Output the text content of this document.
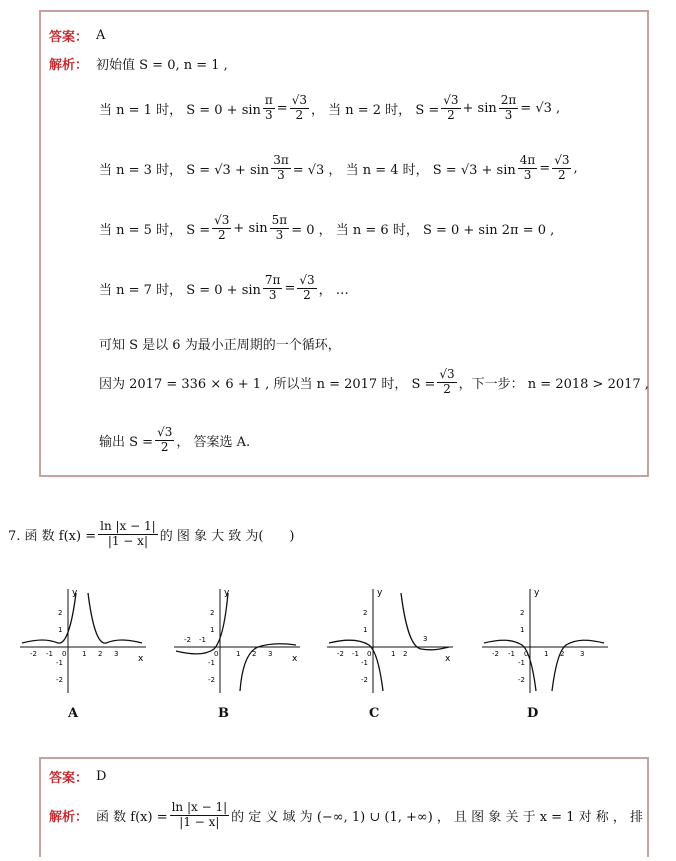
答案： A
解析： 初始值 S = 0, n = 1 ,
当 n = 1 时， $S = 0 + \sin \frac{\pi}{3} = \frac{√3}{2}$ ， 当 n = 2 时， $S = \frac{√3}{2} + \sin \frac{2\pi}{3} = √3$ ,
当 n = 3 时， $S = √3 + \sin \frac{3\pi}{3} = √3$ ， 当 n = 4 时， $S = √3 + \sin \frac{4\pi}{3} = \frac{√3}{2}$ ,
当 n = 5 时， $S = \frac{√3}{2} + \sin \frac{5\pi}{3} = 0$ ， 当 n = 6 时， S = 0 + sin 2π = 0 ,
当 n = 7 时， $S = 0 + \sin \frac{7\pi}{3} = \frac{√3}{2}$ ， …
可知 S 是以 6 为最小正周期的一个循环，
因为 2017 = 336 × 6 + 1 , 所以当 n = 2017 时， $S = \frac{√3}{2}$ ，下一步： n = 2018 > 2017 ,
输出 $S = \frac{√3}{2}$ ， 答案选 A.
7. 函 数 $f(x) = \frac{\ln |x - 1|}{|1 - x|}$ 的 图 象 大 致 为(　　)
y
x
-2 -1 0 1 2 3
2
1
-1
-2
A
y
x
-2 -1
0	1 2 3
2
1
-1
-2
B
y
x
-2 -1 0	1 2
3
2
1
-1
-2
C
y
-2 -1 0 1 2 3
2
1
-1
-2
D
答案： D
解析： 函 数 $f(x) = \frac{\ln |x - 1|}{|1 - x|}$ 的 定 义 域 为 (−∞, 1) ∪ (1, +∞) ， 且 图 象 关 于 x = 1 对 称 ， 排
